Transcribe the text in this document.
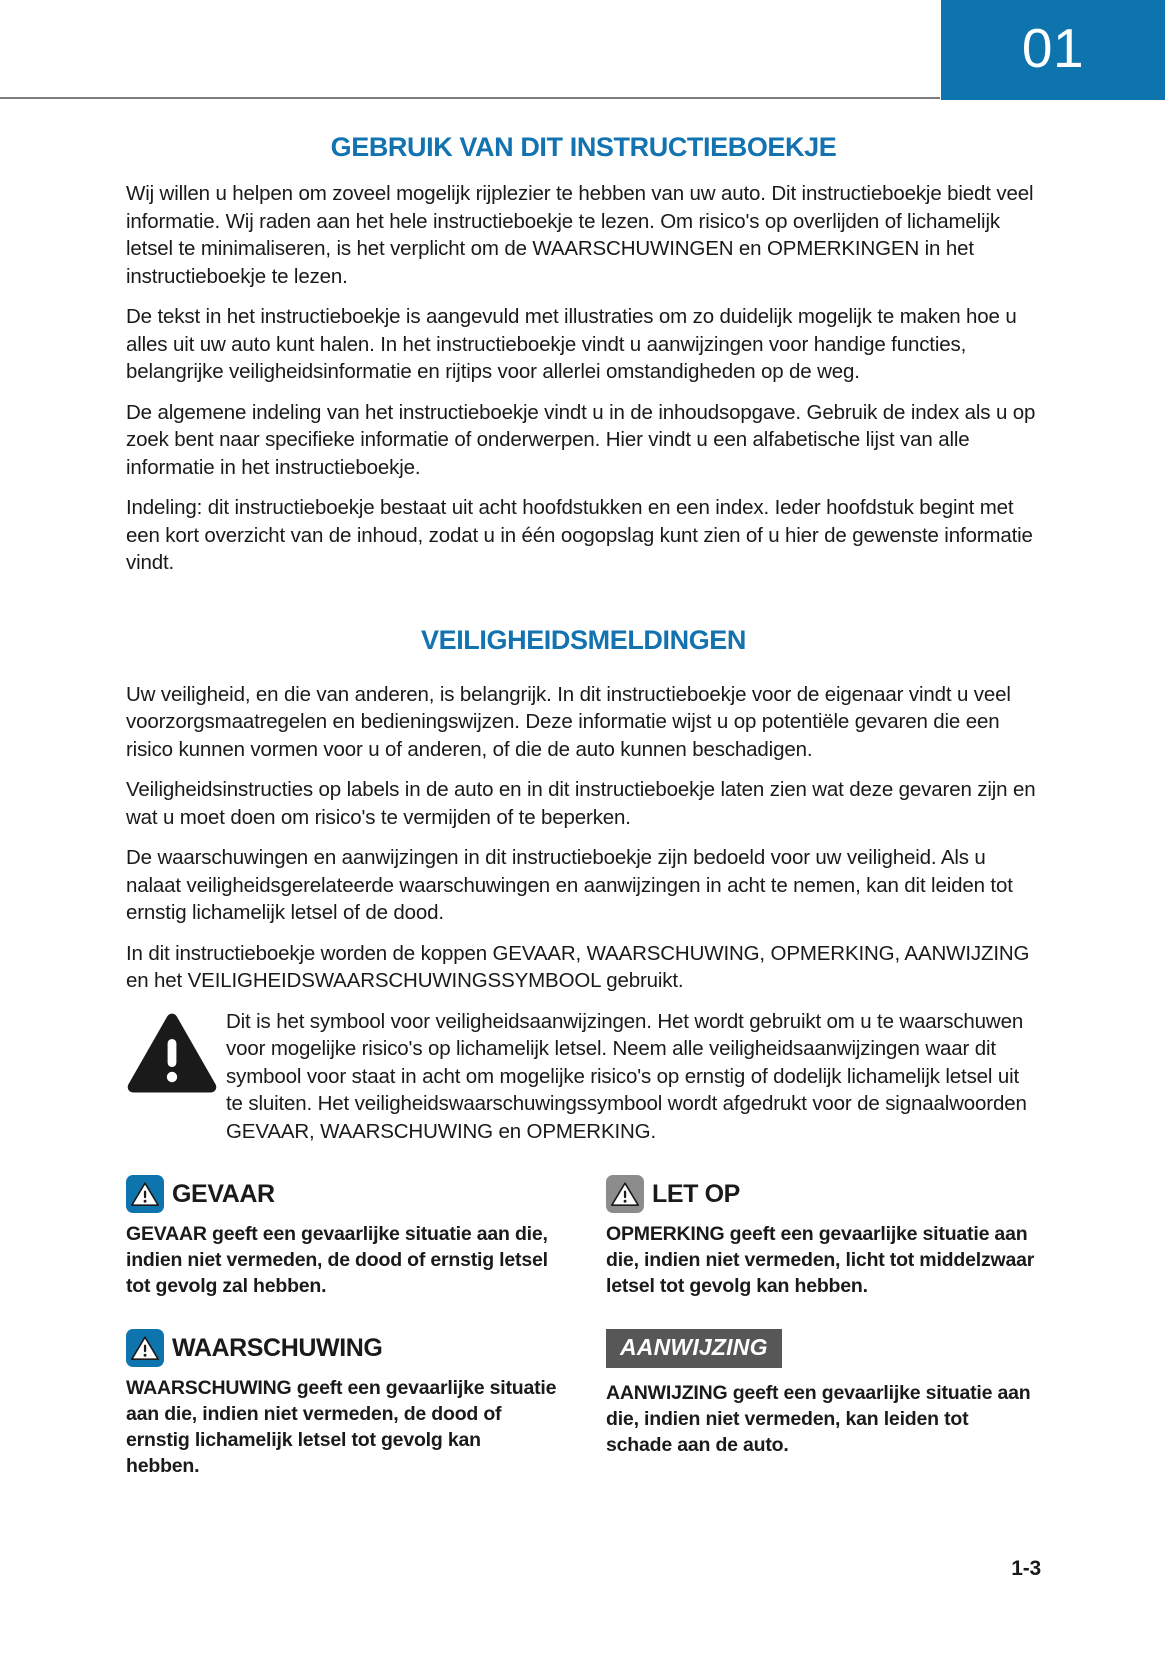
01
GEBRUIK VAN DIT INSTRUCTIEBOEKJE

Wij willen u helpen om zoveel mogelijk rijplezier te hebben van uw auto. Dit instructieboekje biedt veel informatie. Wij raden aan het hele instructieboekje te lezen. Om risico's op overlijden of lichamelijk letsel te minimaliseren, is het verplicht om de WAARSCHUWINGEN en OPMERKINGEN in het instructieboekje te lezen.

De tekst in het instructieboekje is aangevuld met illustraties om zo duidelijk mogelijk te maken hoe u alles uit uw auto kunt halen. In het instructieboekje vindt u aanwijzingen voor handige functies, belangrijke veiligheidsinformatie en rijtips voor allerlei omstandigheden op de weg.

De algemene indeling van het instructieboekje vindt u in de inhoudsopgave. Gebruik de index als u op zoek bent naar specifieke informatie of onderwerpen. Hier vindt u een alfabetische lijst van alle informatie in het instructieboekje.

Indeling: dit instructieboekje bestaat uit acht hoofdstukken en een index. Ieder hoofdstuk begint met een kort overzicht van de inhoud, zodat u in één oogopslag kunt zien of u hier de gewenste informatie vindt.

VEILIGHEIDSMELDINGEN

Uw veiligheid, en die van anderen, is belangrijk. In dit instructieboekje voor de eigenaar vindt u veel voorzorgsmaatregelen en bedieningswijzen. Deze informatie wijst u op potentiële gevaren die een risico kunnen vormen voor u of anderen, of die de auto kunnen beschadigen.

Veiligheidsinstructies op labels in de auto en in dit instructieboekje laten zien wat deze gevaren zijn en wat u moet doen om risico's te vermijden of te beperken.

De waarschuwingen en aanwijzingen in dit instructieboekje zijn bedoeld voor uw veiligheid. Als u nalaat veiligheidsgerelateerde waarschuwingen en aanwijzingen in acht te nemen, kan dit leiden tot ernstig lichamelijk letsel of de dood.

In dit instructieboekje worden de koppen GEVAAR, WAARSCHUWING, OPMERKING, AANWIJZING en het VEILIGHEIDSWAARSCHUWINGSSYMBOOL gebruikt.

Dit is het symbool voor veiligheidsaanwijzingen. Het wordt gebruikt om u te waarschuwen voor mogelijke risico's op lichamelijk letsel. Neem alle veiligheidsaanwijzingen waar dit symbool voor staat in acht om mogelijke risico's op ernstig of dodelijk lichamelijk letsel uit te sluiten. Het veiligheidswaarschuwingssymbool wordt afgedrukt voor de signaalwoorden GEVAAR, WAARSCHUWING en OPMERKING.
GEVAAR
GEVAAR geeft een gevaarlijke situatie aan die, indien niet vermeden, de dood of ernstig letsel tot gevolg zal hebben.
WAARSCHUWING
WAARSCHUWING geeft een gevaarlijke situatie aan die, indien niet vermeden, de dood of ernstig lichamelijk letsel tot gevolg kan hebben.
LET OP
OPMERKING geeft een gevaarlijke situatie aan die, indien niet vermeden, licht tot middelzwaar letsel tot gevolg kan hebben.
AANWIJZING
AANWIJZING geeft een gevaarlijke situatie aan die, indien niet vermeden, kan leiden tot schade aan de auto.
1-3
